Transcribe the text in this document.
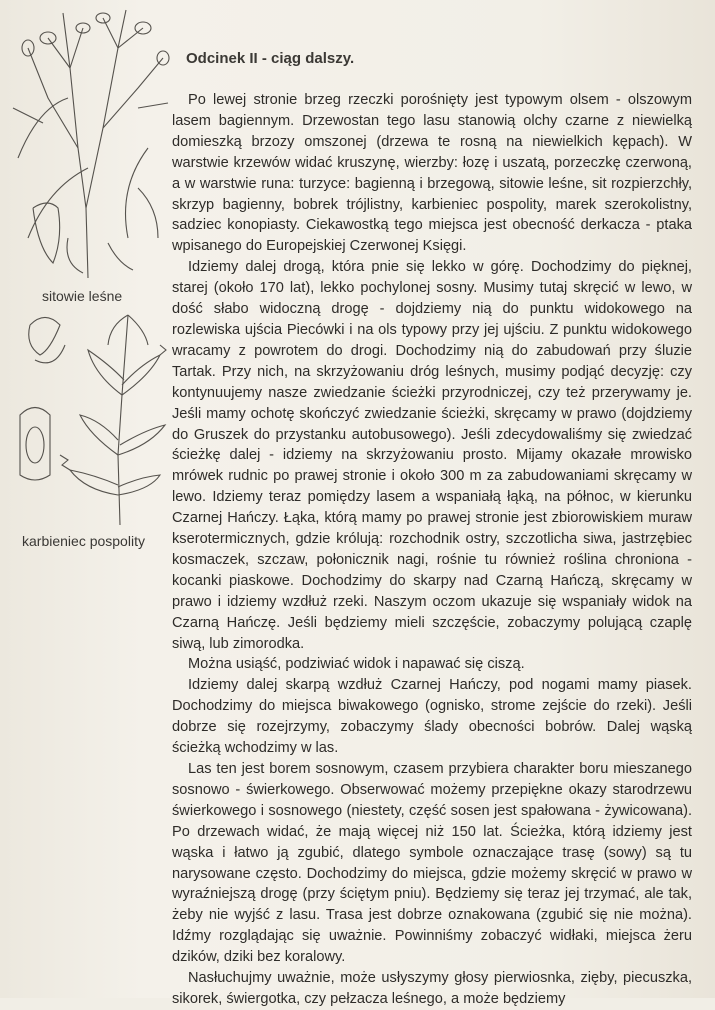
sitowie leśne
karbieniec pospolity
Odcinek II - ciąg dalszy.

Po lewej stronie brzeg rzeczki porośnięty jest typowym olsem - olszowym lasem bagiennym. Drzewostan tego lasu stanowią olchy czarne z niewielką domieszką brzozy omszonej (drzewa te rosną na niewielkich kępach). W warstwie krzewów widać kruszynę, wierzby: łozę i uszatą, porzeczkę czerwoną, a w warstwie runa: turzyce: bagienną i brzegową, sitowie leśne, sit rozpierzchły, skrzyp bagienny, bobrek trójlistny, karbieniec pospolity, marek szerokolistny, sadziec konopiasty. Ciekawostką tego miejsca jest obecność derkacza - ptaka wpisanego do Europejskiej Czerwonej Księgi.

Idziemy dalej drogą, która pnie się lekko w górę. Dochodzimy do pięknej, starej (około 170 lat), lekko pochylonej sosny. Musimy tutaj skręcić w lewo, w dość słabo widoczną drogę - dojdziemy nią do punktu widokowego na rozlewiska ujścia Piecówki i na ols typowy przy jej ujściu. Z punktu widokowego wracamy z powrotem do drogi. Dochodzimy nią do zabudowań przy śluzie Tartak. Przy nich, na skrzyżowaniu dróg leśnych, musimy podjąć decyzję: czy kontynuujemy nasze zwiedzanie ścieżki przyrodniczej, czy też przerywamy je. Jeśli mamy ochotę skończyć zwiedzanie ścieżki, skręcamy w prawo (dojdziemy do Gruszek do przystanku autobusowego). Jeśli zdecydowaliśmy się zwiedzać ścieżkę dalej - idziemy na skrzyżowaniu prosto. Mijamy okazałe mrowisko mrówek rudnic po prawej stronie i około 300 m za zabudowaniami skręcamy w lewo. Idziemy teraz pomiędzy lasem a wspaniałą łąką, na północ, w kierunku Czarnej Hańczy. Łąka, którą mamy po prawej stronie jest zbiorowiskiem muraw kserotermicznych, gdzie królują: rozchodnik ostry, szczotlicha siwa, jastrzębiec kosmaczek, szczaw, połonicznik nagi, rośnie tu również roślina chroniona - kocanki piaskowe. Dochodzimy do skarpy nad Czarną Hańczą, skręcamy w prawo i idziemy wzdłuż rzeki. Naszym oczom ukazuje się wspaniały widok na Czarną Hańczę. Jeśli będziemy mieli szczęście, zobaczymy polującą czaplę siwą, lub zimorodka.

Można usiąść, podziwiać widok i napawać się ciszą.

Idziemy dalej skarpą wzdłuż Czarnej Hańczy, pod nogami mamy piasek. Dochodzimy do miejsca biwakowego (ognisko, strome zejście do rzeki). Jeśli dobrze się rozejrzymy, zobaczymy ślady obecności bobrów. Dalej wąską ścieżką wchodzimy w las.

Las ten jest borem sosnowym, czasem przybiera charakter boru mieszanego sosnowo - świerkowego. Obserwować możemy przepiękne okazy starodrzewu świerkowego i sosnowego (niestety, część sosen jest spałowana - żywicowana). Po drzewach widać, że mają więcej niż 150 lat. Ścieżka, którą idziemy jest wąska i łatwo ją zgubić, dlatego symbole oznaczające trasę (sowy) są tu narysowane często. Dochodzimy do miejsca, gdzie możemy skręcić w prawo w wyraźniejszą drogę (przy ściętym pniu). Będziemy się teraz jej trzymać, ale tak, żeby nie wyjść z lasu. Trasa jest dobrze oznakowana (zgubić się nie można). Idźmy rozglądając się uważnie. Powinniśmy zobaczyć widłaki, miejsca żeru dzików, dziki bez koralowy.

Nasłuchujmy uważnie, może usłyszymy głosy pierwiosnka, zięby, piecuszka, sikorek, świergotka, czy pełzacza leśnego, a może będziemy
